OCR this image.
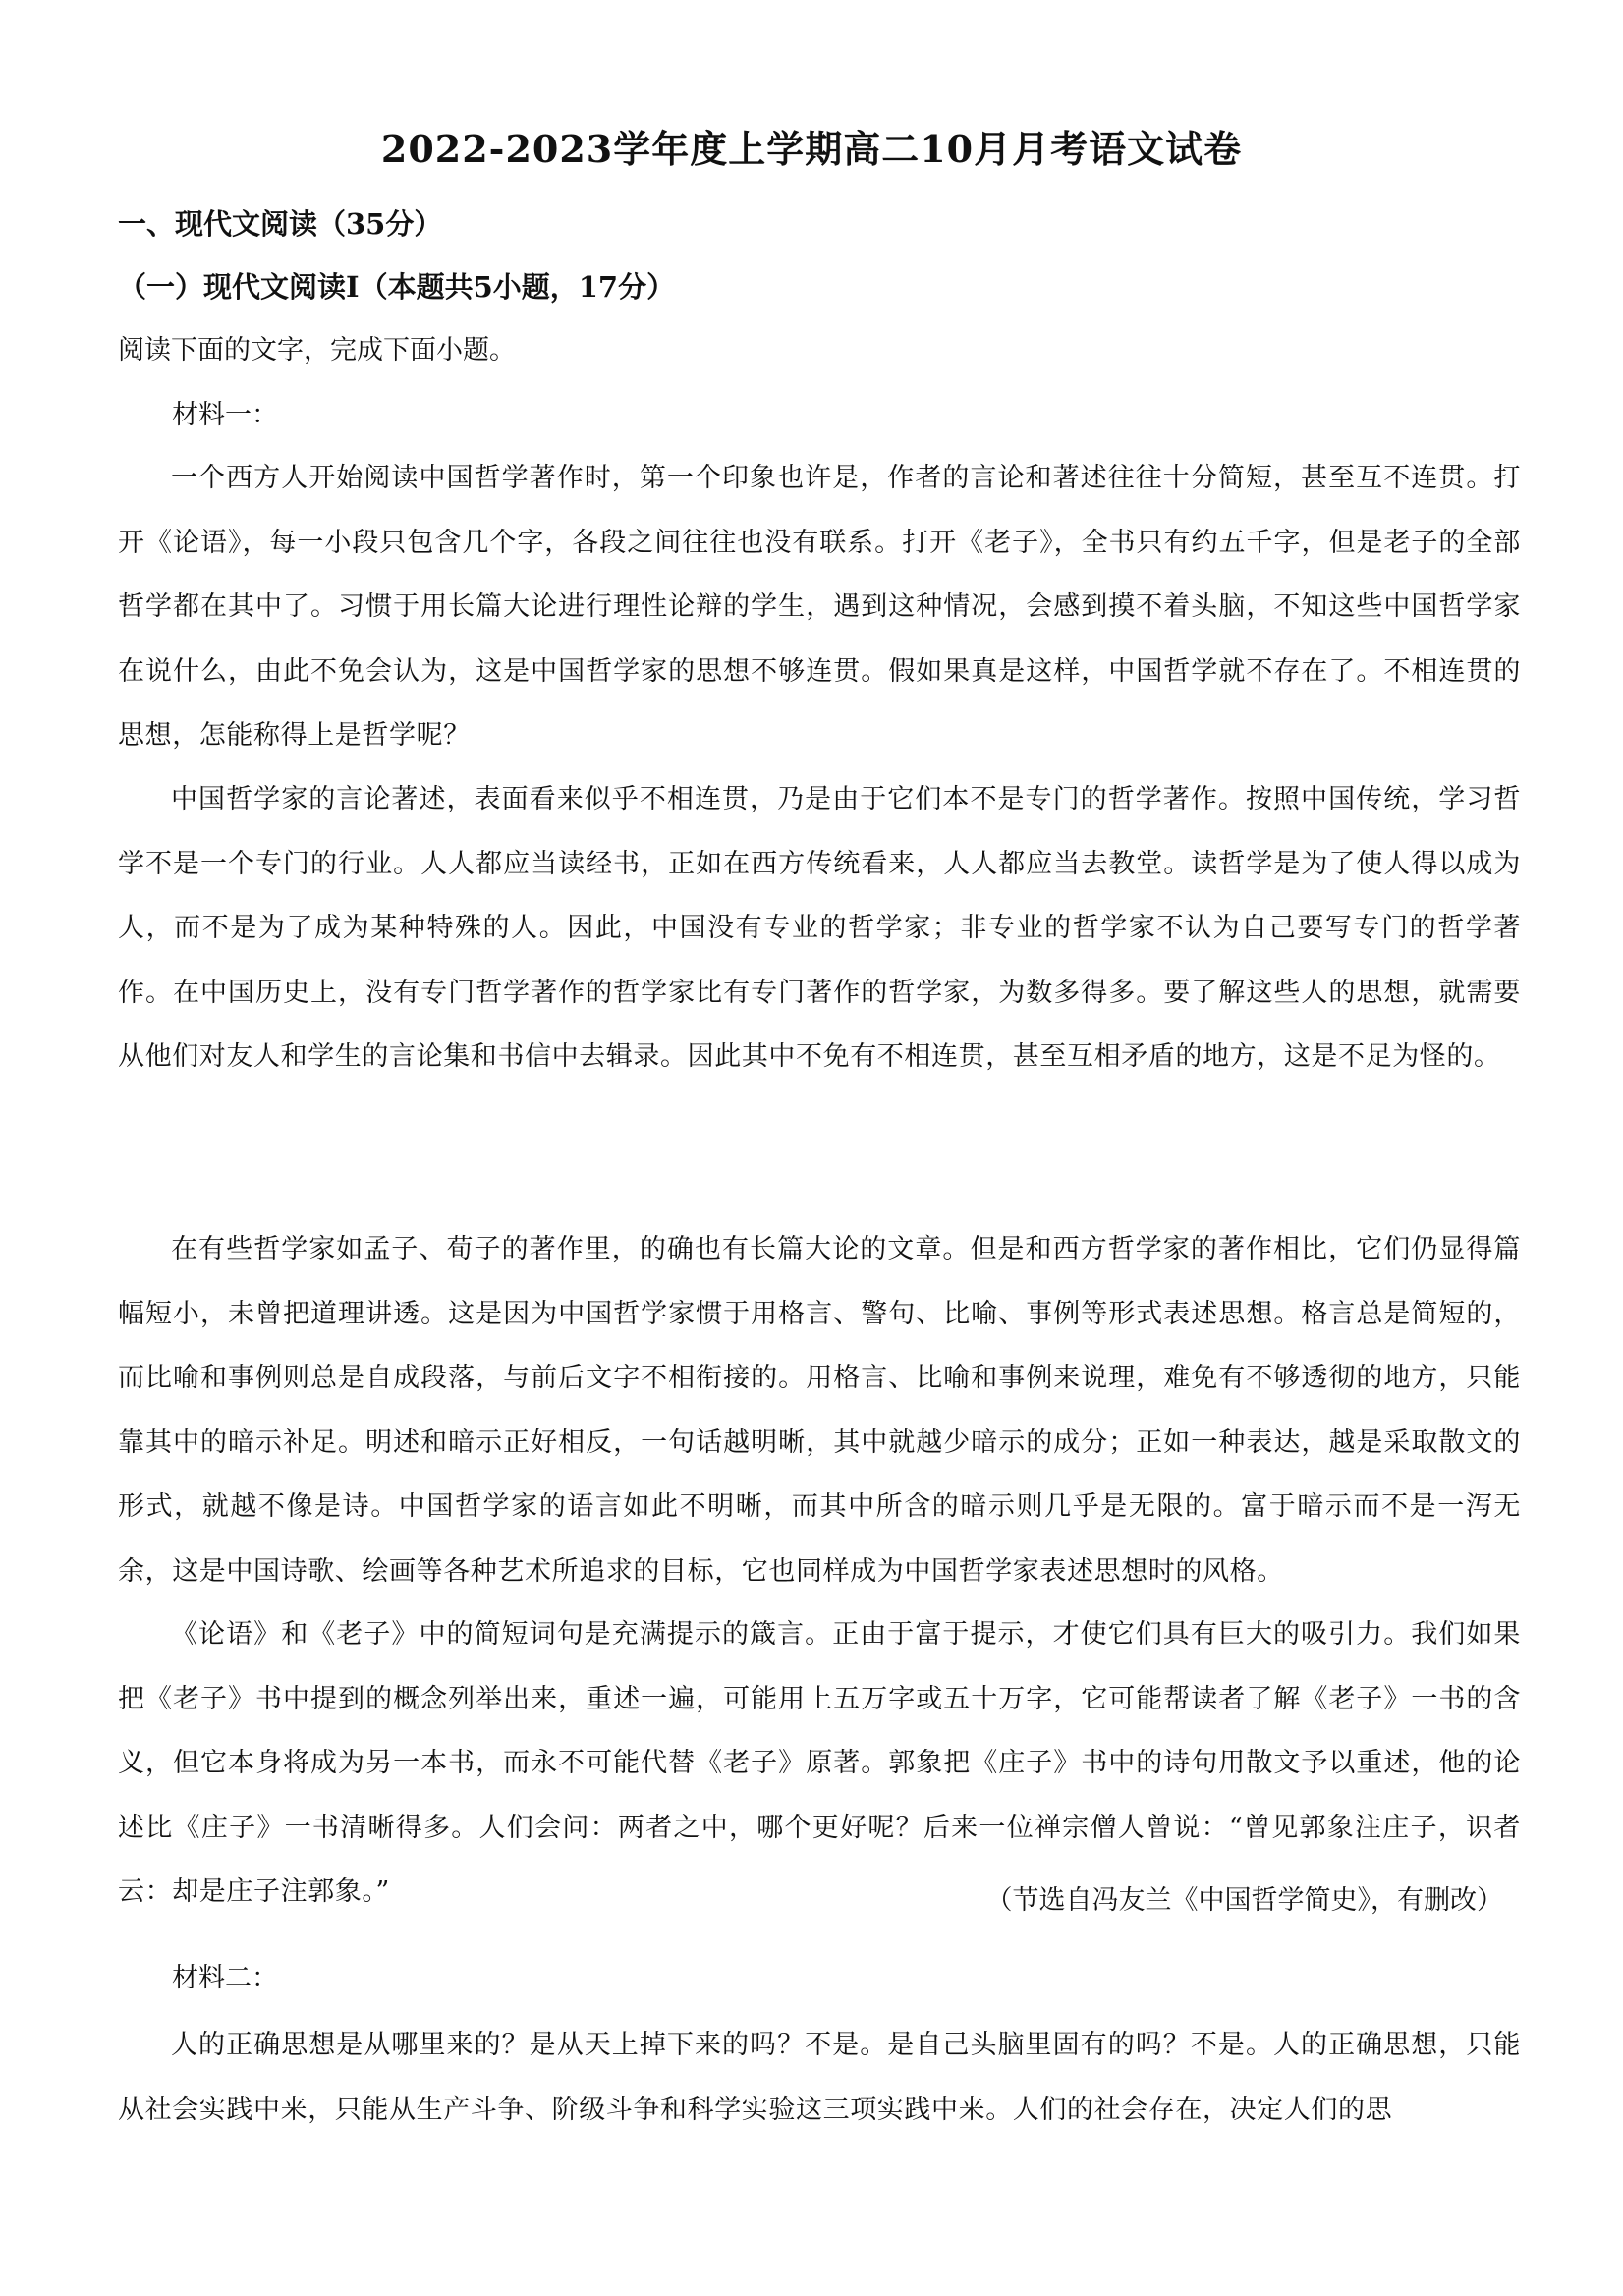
2022-2023学年度上学期高二10月月考语文试卷
一、现代文阅读（35分）
（一）现代文阅读Ⅰ（本题共5小题，17分）
阅读下面的文字，完成下面小题。
材料一：

一个西方人开始阅读中国哲学著作时，第一个印象也许是，作者的言论和著述往往十分简短，甚至互不连贯。打开《论语》，每一小段只包含几个字，各段之间往往也没有联系。打开《老子》，全书只有约五千字，但是老子的全部哲学都在其中了。习惯于用长篇大论进行理性论辩的学生，遇到这种情况，会感到摸不着头脑，不知这些中国哲学家在说什么，由此不免会认为，这是中国哲学家的思想不够连贯。假如果真是这样，中国哲学就不存在了。不相连贯的思想，怎能称得上是哲学呢？

中国哲学家的言论著述，表面看来似乎不相连贯，乃是由于它们本不是专门的哲学著作。按照中国传统，学习哲学不是一个专门的行业。人人都应当读经书，正如在西方传统看来，人人都应当去教堂。读哲学是为了使人得以成为人，而不是为了成为某种特殊的人。因此，中国没有专业的哲学家；非专业的哲学家不认为自己要写专门的哲学著作。在中国历史上，没有专门哲学著作的哲学家比有专门著作的哲学家，为数多得多。要了解这些人的思想，就需要从他们对友人和学生的言论集和书信中去辑录。因此其中不免有不相连贯，甚至互相矛盾的地方，这是不足为怪的。

在有些哲学家如孟子、荀子的著作里，的确也有长篇大论的文章。但是和西方哲学家的著作相比，它们仍显得篇幅短小，未曾把道理讲透。这是因为中国哲学家惯于用格言、警句、比喻、事例等形式表述思想。格言总是简短的，而比喻和事例则总是自成段落，与前后文字不相衔接的。用格言、比喻和事例来说理，难免有不够透彻的地方，只能靠其中的暗示补足。明述和暗示正好相反，一句话越明晰，其中就越少暗示的成分；正如一种表达，越是采取散文的形式，就越不像是诗。中国哲学家的语言如此不明晰，而其中所含的暗示则几乎是无限的。富于暗示而不是一泻无余，这是中国诗歌、绘画等各种艺术所追求的目标，它也同样成为中国哲学家表述思想时的风格。

《论语》和《老子》中的简短词句是充满提示的箴言。正由于富于提示，才使它们具有巨大的吸引力。我们如果把《老子》书中提到的概念列举出来，重述一遍，可能用上五万字或五十万字，它可能帮读者了解《老子》一书的含义，但它本身将成为另一本书，而永不可能代替《老子》原著。郭象把《庄子》书中的诗句用散文予以重述，他的论述比《庄子》一书清晰得多。人们会问：两者之中，哪个更好呢？后来一位禅宗僧人曾说：“曾见郭象注庄子，识者云：却是庄子注郭象。”	（节选自冯友兰《中国哲学简史》，有删改）
材料二：

人的正确思想是从哪里来的？是从天上掉下来的吗？不是。是自己头脑里固有的吗？不是。人的正确思想，只能从社会实践中来，只能从生产斗争、阶级斗争和科学实验这三项实践中来。人们的社会存在，决定人们的思
